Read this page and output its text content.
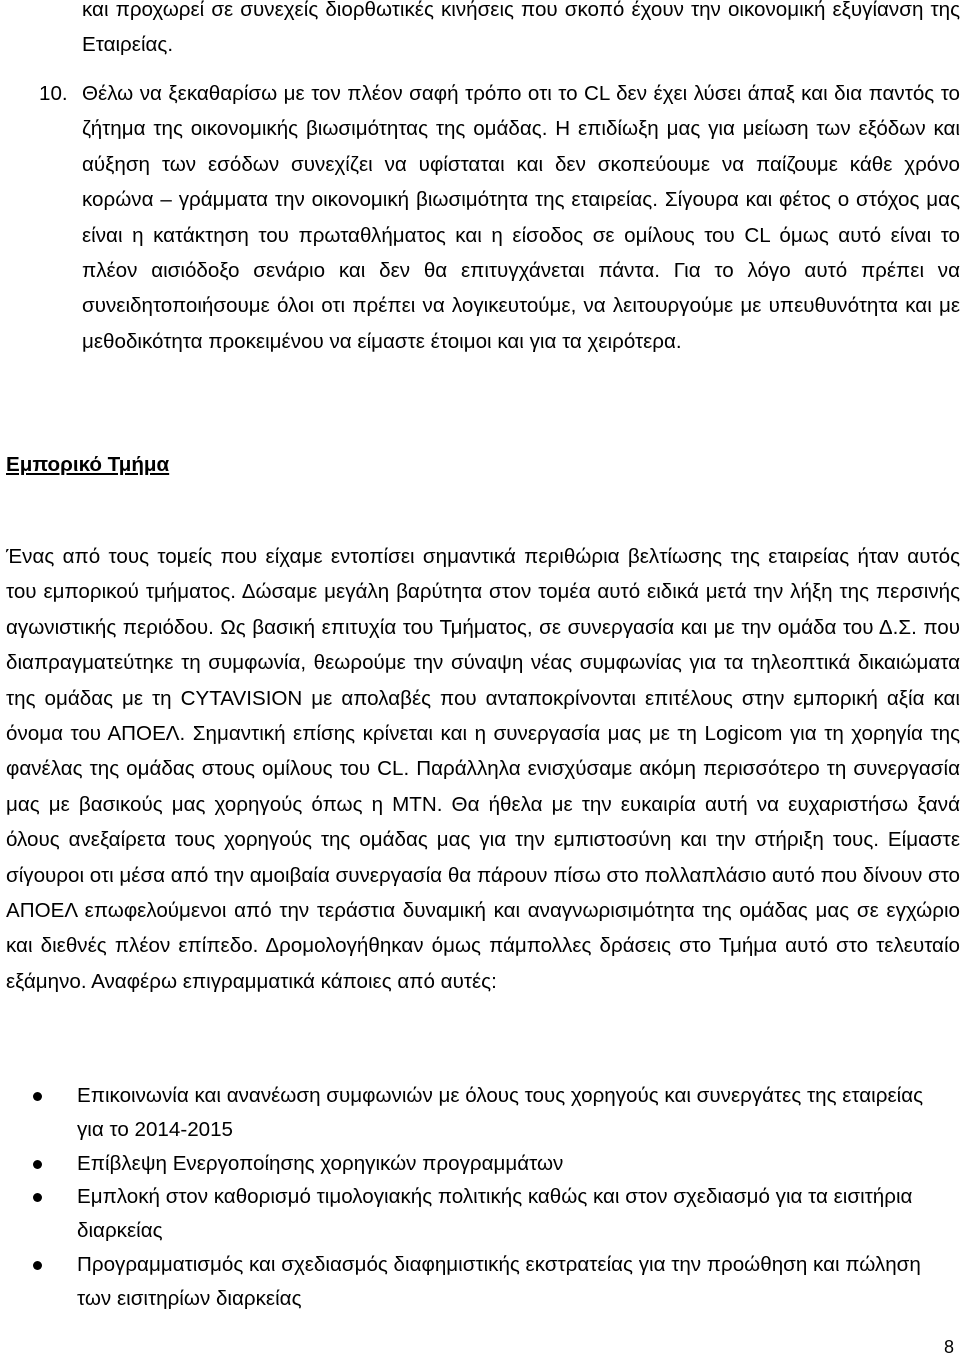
και προχωρεί σε συνεχείς διορθωτικές κινήσεις που σκοπό έχουν την οικονομική εξυγίανση της Εταιρείας.

10. Θέλω να ξεκαθαρίσω με τον πλέον σαφή τρόπο οτι το CL δεν έχει λύσει άπαξ και δια παντός το ζήτημα της οικονομικής βιωσιμότητας της ομάδας. Η επιδίωξη μας για μείωση των εξόδων και αύξηση των εσόδων συνεχίζει να υφίσταται και δεν σκοπεύουμε να παίζουμε κάθε χρόνο κορώνα – γράμματα την οικονομική βιωσιμότητα της εταιρείας. Σίγουρα και φέτος ο στόχος μας είναι η κατάκτηση του πρωταθλήματος και η είσοδος σε ομίλους του CL όμως αυτό είναι το πλέον αισιόδοξο σενάριο και δεν θα επιτυγχάνεται πάντα. Για το λόγο αυτό πρέπει να συνειδητοποιήσουμε όλοι οτι πρέπει να λογικευτούμε, να λειτουργούμε με υπευθυνότητα και με μεθοδικότητα προκειμένου να είμαστε έτοιμοι και για τα χειρότερα.

Εμπορικό Τμήμα

Ένας από τους τομείς που είχαμε εντοπίσει σημαντικά περιθώρια βελτίωσης της εταιρείας ήταν αυτός του εμπορικού τμήματος. Δώσαμε μεγάλη βαρύτητα στον τομέα αυτό ειδικά μετά την λήξη της περσινής αγωνιστικής περιόδου. Ως βασική επιτυχία του Τμήματος, σε συνεργασία και με την ομάδα του Δ.Σ. που διαπραγματεύτηκε τη συμφωνία, θεωρούμε την σύναψη νέας συμφωνίας για τα τηλεοπτικά δικαιώματα της ομάδας με τη CYTAVISION με απολαβές που ανταποκρίνονται επιτέλους στην εμπορική αξία και όνομα του ΑΠΟΕΛ. Σημαντική επίσης κρίνεται και η συνεργασία μας με τη Logicom για τη χορηγία της φανέλας της ομάδας στους ομίλους του CL. Παράλληλα ενισχύσαμε ακόμη περισσότερο τη συνεργασία μας με βασικούς μας χορηγούς όπως η MTN. Θα ήθελα με την ευκαιρία αυτή να ευχαριστήσω ξανά όλους ανεξαίρετα τους χορηγούς της ομάδας μας για την εμπιστοσύνη και την στήριξη τους. Είμαστε σίγουροι οτι μέσα από την αμοιβαία συνεργασία θα πάρουν πίσω στο πολλαπλάσιο αυτό που δίνουν στο ΑΠΟΕΛ επωφελούμενοι από την τεράστια δυναμική και αναγνωρισιμότητα της ομάδας μας σε εγχώριο και διεθνές πλέον επίπεδο. Δρομολογήθηκαν όμως πάμπολλες δράσεις στο Τμήμα αυτό στο τελευταίο εξάμηνο. Αναφέρω επιγραμματικά κάποιες από αυτές:

Επικοινωνία και ανανέωση συμφωνιών με όλους τους χορηγούς και συνεργάτες της εταιρείας για το 2014-2015
Επίβλεψη Ενεργοποίησης χορηγικών προγραμμάτων
Εμπλοκή στον καθορισμό τιμολογιακής πολιτικής καθώς και στον σχεδιασμό για τα εισιτήρια διαρκείας
Προγραμματισμός και σχεδιασμός διαφημιστικής εκστρατείας για την προώθηση και πώληση των εισιτηρίων διαρκείας
8
